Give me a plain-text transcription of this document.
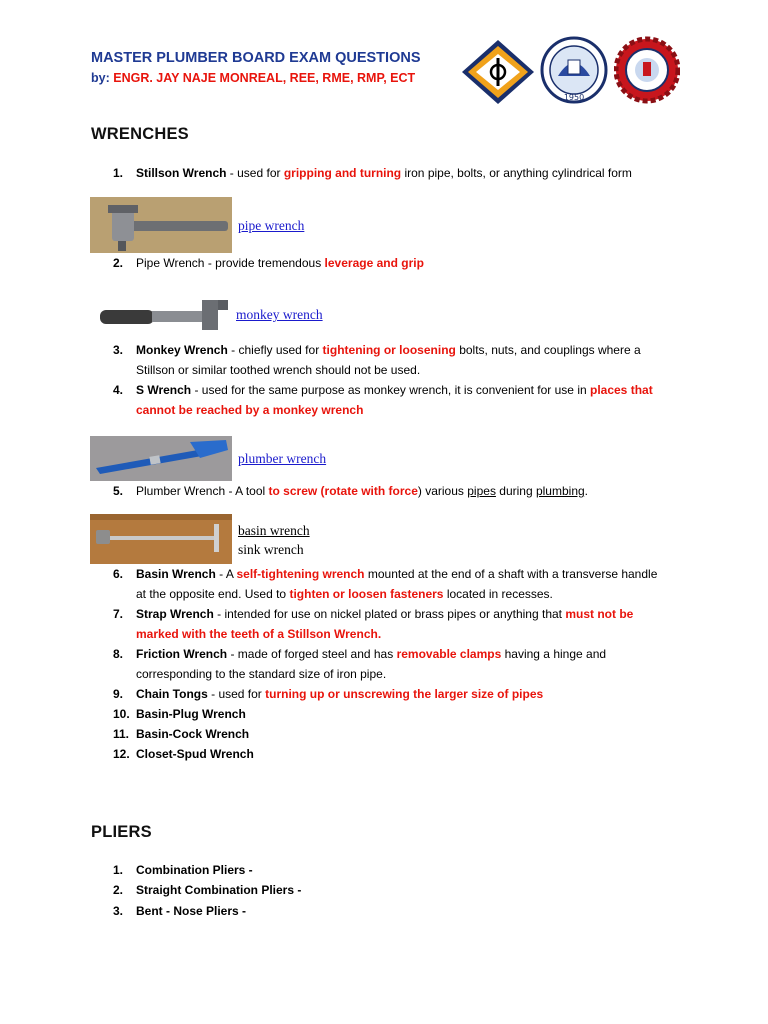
MASTER PLUMBER BOARD EXAM QUESTIONS
by: ENGR. JAY NAJE MONREAL, REE, RME, RMP, ECT
1950
WRENCHES
1.	Stillson Wrench - used for gripping and turning iron pipe, bolts, or anything cylindrical form
pipe wrench
2.	Pipe Wrench - provide tremendous leverage and grip
monkey wrench
3.	Monkey Wrench - chiefly used for tightening or loosening bolts, nuts, and couplings where a
Stillson or similar toothed wrench should not be used.
4.	S Wrench - used for the same purpose as monkey wrench, it is convenient for use in places that
cannot be reached by a monkey wrench
plumber wrench
5.	Plumber Wrench - A tool to screw (rotate with force) various pipes during plumbing.
basin wrench
sink wrench
6.	Basin Wrench - A self-tightening wrench mounted at the end of a shaft with a transverse handle
at the opposite end. Used to tighten or loosen fasteners located in recesses.
7.	Strap Wrench - intended for use on nickel plated or brass pipes or anything that must not be
marked with the teeth of a Stillson Wrench.
8.	Friction Wrench - made of forged steel and has removable clamps having a hinge and
corresponding to the standard size of iron pipe.
9.	Chain Tongs - used for turning up or unscrewing the larger size of pipes
10. Basin-Plug Wrench
11. Basin-Cock Wrench
12. Closet-Spud Wrench
PLIERS
1.	Combination Pliers -
2.	Straight Combination Pliers -
3.	Bent - Nose Pliers -
